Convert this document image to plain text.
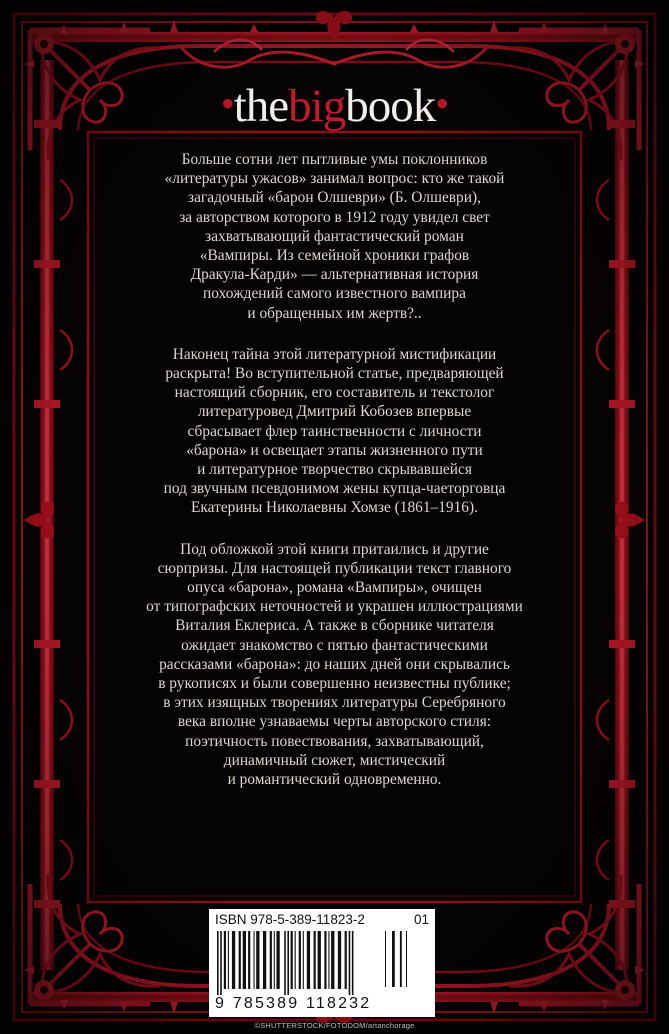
•thebigbook•

Больше сотни лет пытливые умы поклонников
«литературы ужасов» занимал вопрос: кто же такой
загадочный «барон Олшеври» (Б. Олшеври),
за авторством которого в 1912 году увидел свет
захватывающий фантастический роман
«Вампиры. Из семейной хроники графов
Дракула-Карди» — альтернативная история
похождений самого известного вампира
и обращенных им жертв?..

Наконец тайна этой литературной мистификации
раскрыта! Во вступительной статье, предваряющей
настоящий сборник, его составитель и текстолог
литературовед Дмитрий Кобозев впервые
сбрасывает флер таинственности с личности
«барона» и освещает этапы жизненного пути
и литературное творчество скрывавшейся
под звучным псевдонимом жены купца-чаеторговца
Екатерины Николаевны Хомзе (1861–1916).

Под обложкой этой книги притаились и другие
сюрпризы. Для настоящей публикации текст главного
опуса «барона», романа «Вампиры», очищен
от типографских неточностей и украшен иллюстрациями
Виталия Еклериса. А также в сборнике читателя
ожидает знакомство с пятью фантастическими
рассказами «барона»: до наших дней они скрывались
в рукописях и были совершенно неизвестны публике;
в этих изящных творениях литературы Серебряного
века вполне узнаваемы черты авторского стиля:
поэтичность повествования, захватывающий,
динамичный сюжет, мистический
и романтический одновременно.

ISBN 978-5-389-11823-2	01
9 785389 118232
©SHUTTERSTOCK/FOTODOM/artanchorage
